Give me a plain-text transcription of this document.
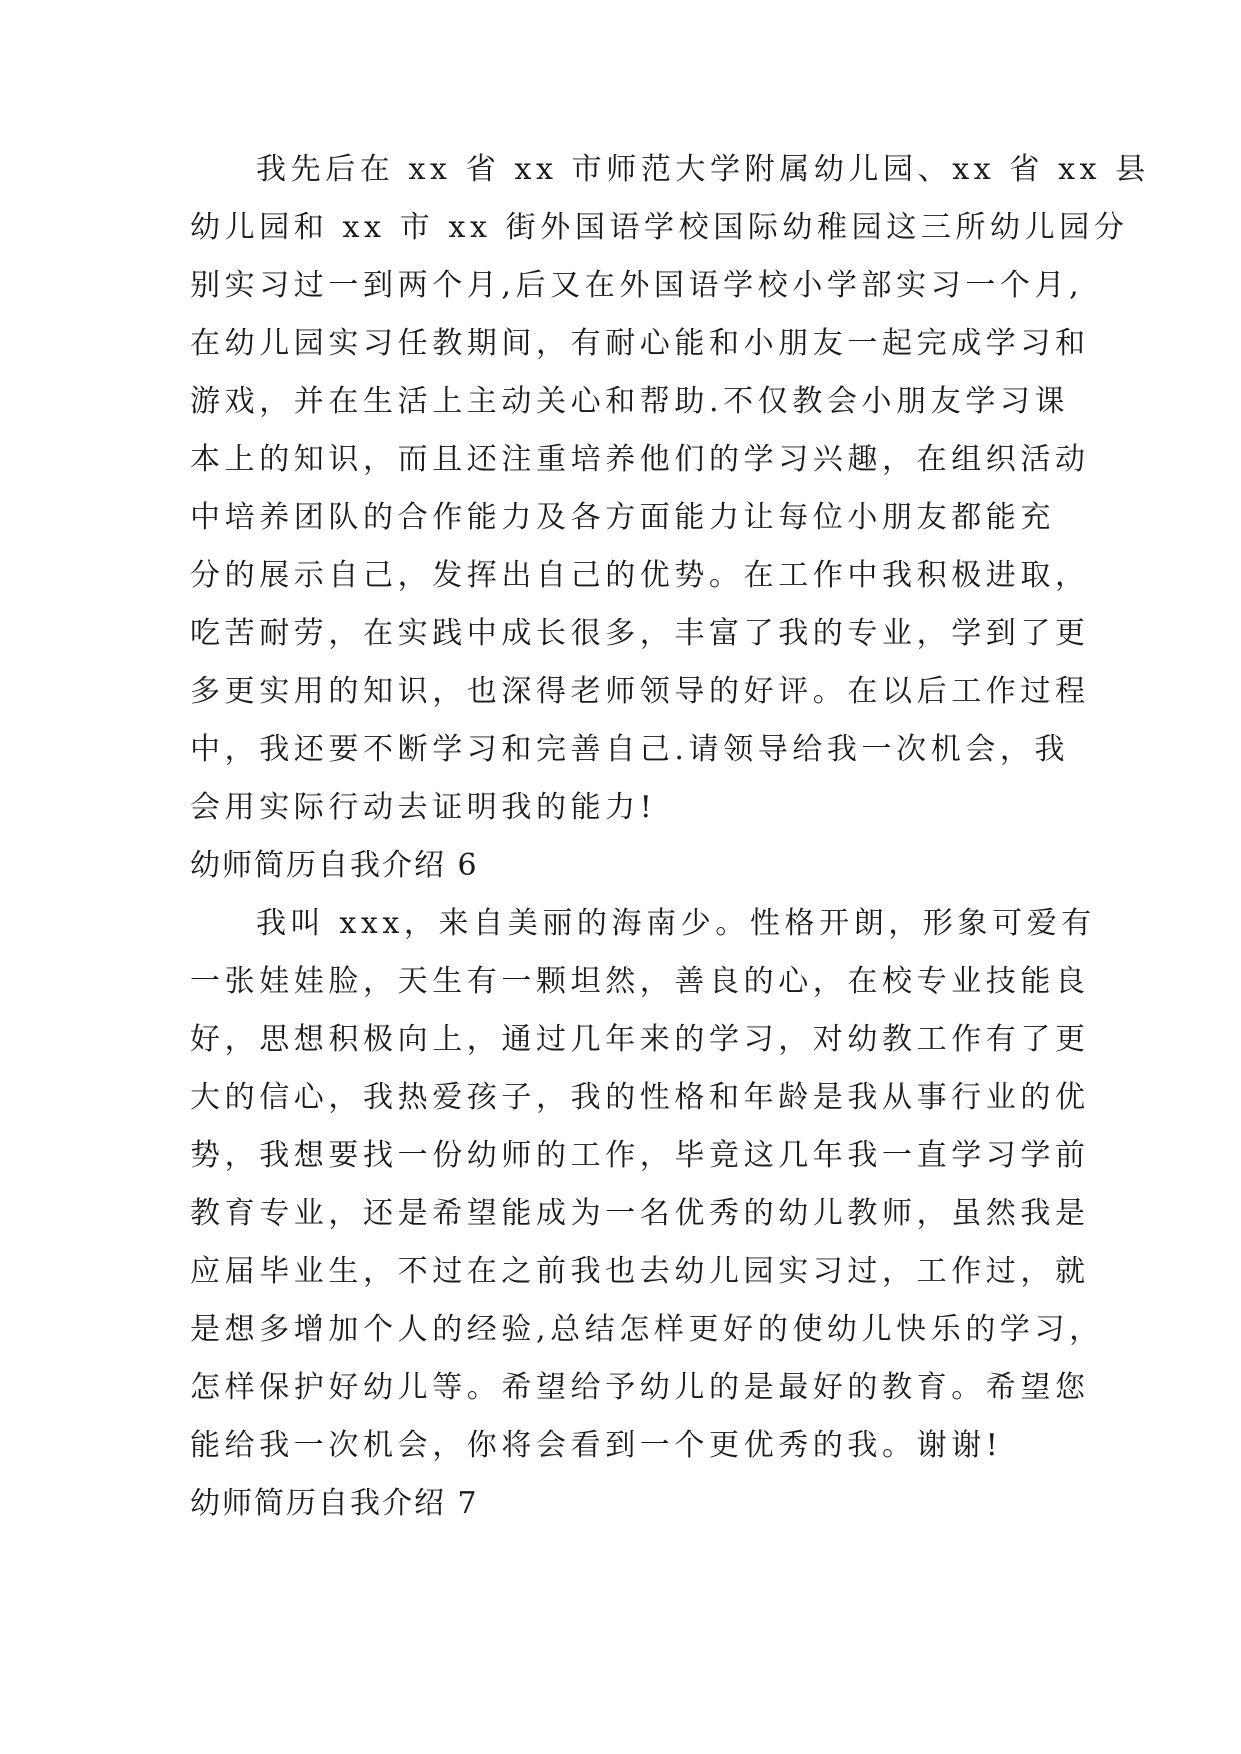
我先后在 xx 省 xx 市师范大学附属幼儿园、xx 省 xx 县
幼儿园和 xx 市 xx 街外国语学校国际幼稚园这三所幼儿园分
别实习过一到两个月,后又在外国语学校小学部实习一个月,
在幼儿园实习任教期间，有耐心能和小朋友一起完成学习和
游戏，并在生活上主动关心和帮助.不仅教会小朋友学习课
本上的知识，而且还注重培养他们的学习兴趣，在组织活动
中培养团队的合作能力及各方面能力让每位小朋友都能充
分的展示自己，发挥出自己的优势。在工作中我积极进取，
吃苦耐劳，在实践中成长很多，丰富了我的专业，学到了更
多更实用的知识，也深得老师领导的好评。在以后工作过程
中，我还要不断学习和完善自己.请领导给我一次机会，我
会用实际行动去证明我的能力!
幼师简历自我介绍 6
我叫 xxx，来自美丽的海南少。性格开朗，形象可爱有
一张娃娃脸，天生有一颗坦然，善良的心，在校专业技能良
好，思想积极向上，通过几年来的学习，对幼教工作有了更
大的信心，我热爱孩子，我的性格和年龄是我从事行业的优
势，我想要找一份幼师的工作，毕竟这几年我一直学习学前
教育专业，还是希望能成为一名优秀的幼儿教师，虽然我是
应届毕业生，不过在之前我也去幼儿园实习过，工作过，就
是想多增加个人的经验,总结怎样更好的使幼儿快乐的学习，
怎样保护好幼儿等。希望给予幼儿的是最好的教育。希望您
能给我一次机会，你将会看到一个更优秀的我。谢谢!
幼师简历自我介绍 7
